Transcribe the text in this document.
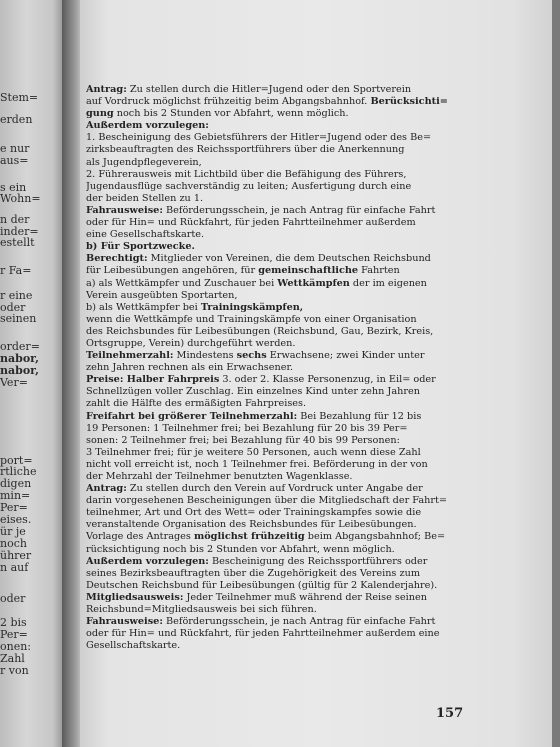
Stem=
erden
e nur
aus=
s ein
Wohn=
n der
inder=
estellt
r Fa=
r eine
oder
seinen
order=
nabor,
nabor,
Ver=
port=
rtliche
digen
min=
Per=
eises.
ür je
noch
ührer
n auf
oder
2 bis
Per=
onen:
Zahl
r von
Antrag: Zu stellen durch die Hitler=Jugend oder den Sportverein
auf Vordruck möglichst frühzeitig beim Abgangsbahnhof. Berücksichti=
gung noch bis 2 Stunden vor Abfahrt, wenn möglich.
Außerdem vorzulegen:
1. Bescheinigung des Gebietsführers der Hitler=Jugend oder des Be=
zirksbeauftragten des Reichssportführers über die Anerkennung
als Jugendpflegeverein,
2. Führerausweis mit Lichtbild über die Befähigung des Führers,
Jugendausflüge sachverständig zu leiten; Ausfertigung durch eine
der beiden Stellen zu 1.
Fahrausweise: Beförderungsschein, je nach Antrag für einfache Fahrt
oder für Hin= und Rückfahrt, für jeden Fahrtteilnehmer außerdem
eine Gesellschaftskarte.
b) Für Sportzwecke.
Berechtigt: Mitglieder von Vereinen, die dem Deutschen Reichsbund
für Leibesübungen angehören, für gemeinschaftliche Fahrten
a) als Wettkämpfer und Zuschauer bei Wettkämpfen der im eigenen
Verein ausgeübten Sportarten,
b) als Wettkämpfer bei Trainingskämpfen,
wenn die Wettkämpfe und Trainingskämpfe von einer Organisation
des Reichsbundes für Leibesübungen (Reichsbund, Gau, Bezirk, Kreis,
Ortsgruppe, Verein) durchgeführt werden.
Teilnehmerzahl: Mindestens sechs Erwachsene; zwei Kinder unter
zehn Jahren rechnen als ein Erwachsener.
Preise: Halber Fahrpreis 3. oder 2. Klasse Personenzug, in Eil= oder
Schnellzügen voller Zuschlag. Ein einzelnes Kind unter zehn Jahren
zahlt die Hälfte des ermäßigten Fahrpreises.
Freifahrt bei größerer Teilnehmerzahl: Bei Bezahlung für 12 bis
19 Personen: 1 Teilnehmer frei; bei Bezahlung für 20 bis 39 Per=
sonen: 2 Teilnehmer frei; bei Bezahlung für 40 bis 99 Personen:
3 Teilnehmer frei; für je weitere 50 Personen, auch wenn diese Zahl
nicht voll erreicht ist, noch 1 Teilnehmer frei. Beförderung in der von
der Mehrzahl der Teilnehmer benutzten Wagenklasse.
Antrag: Zu stellen durch den Verein auf Vordruck unter Angabe der
darin vorgesehenen Bescheinigungen über die Mitgliedschaft der Fahrt=
teilnehmer, Art und Ort des Wett= oder Trainingskampfes sowie die
veranstaltende Organisation des Reichsbundes für Leibesübungen.
Vorlage des Antrages möglichst frühzeitig beim Abgangsbahnhof; Be=
rücksichtigung noch bis 2 Stunden vor Abfahrt, wenn möglich.
Außerdem vorzulegen: Bescheinigung des Reichssportführers oder
seines Bezirksbeauftragten über die Zugehörigkeit des Vereins zum
Deutschen Reichsbund für Leibesübungen (gültig für 2 Kalenderjahre).
Mitgliedsausweis: Jeder Teilnehmer muß während der Reise seinen
Reichsbund=Mitgliedsausweis bei sich führen.
Fahrausweise: Beförderungsschein, je nach Antrag für einfache Fahrt
oder für Hin= und Rückfahrt, für jeden Fahrtteilnehmer außerdem eine
Gesellschaftskarte.
157
